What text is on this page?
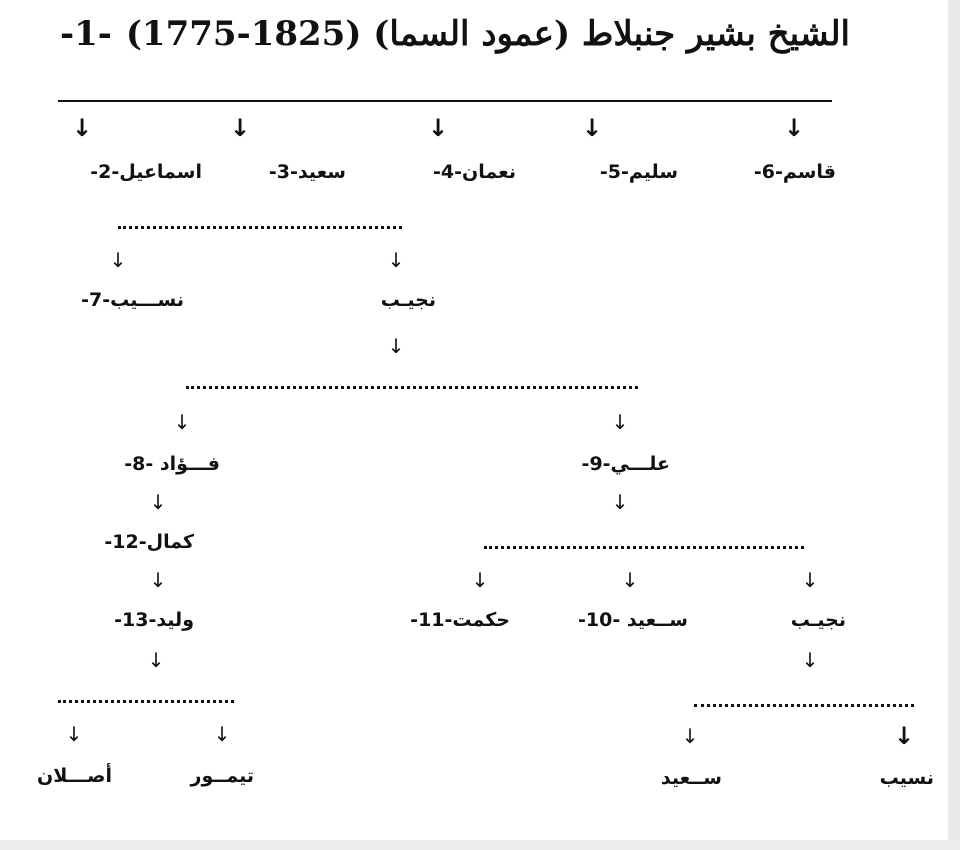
-1- الشيخ بشير جنبلاط (عمود السما) (1825-1775)
↓	↓	↓	↓	↓
قاسم-6-
سليم-5-
نعمان-4-
سعيد-3-
اسماعيل-2-
↓	↓
نجيـب
نســـيب-7-
↓
↓	↓
علـــي-9-
فـــؤاد -8-
↓
كمال-12-
↓
وليد-13-
↓
↓
↓	↓	↓
نجيـب
ســعيد -10-
حكمت-11-
↓	↓
تيمــور
أصـــلان
↓
↓
↓
نسيب
ســعيد
